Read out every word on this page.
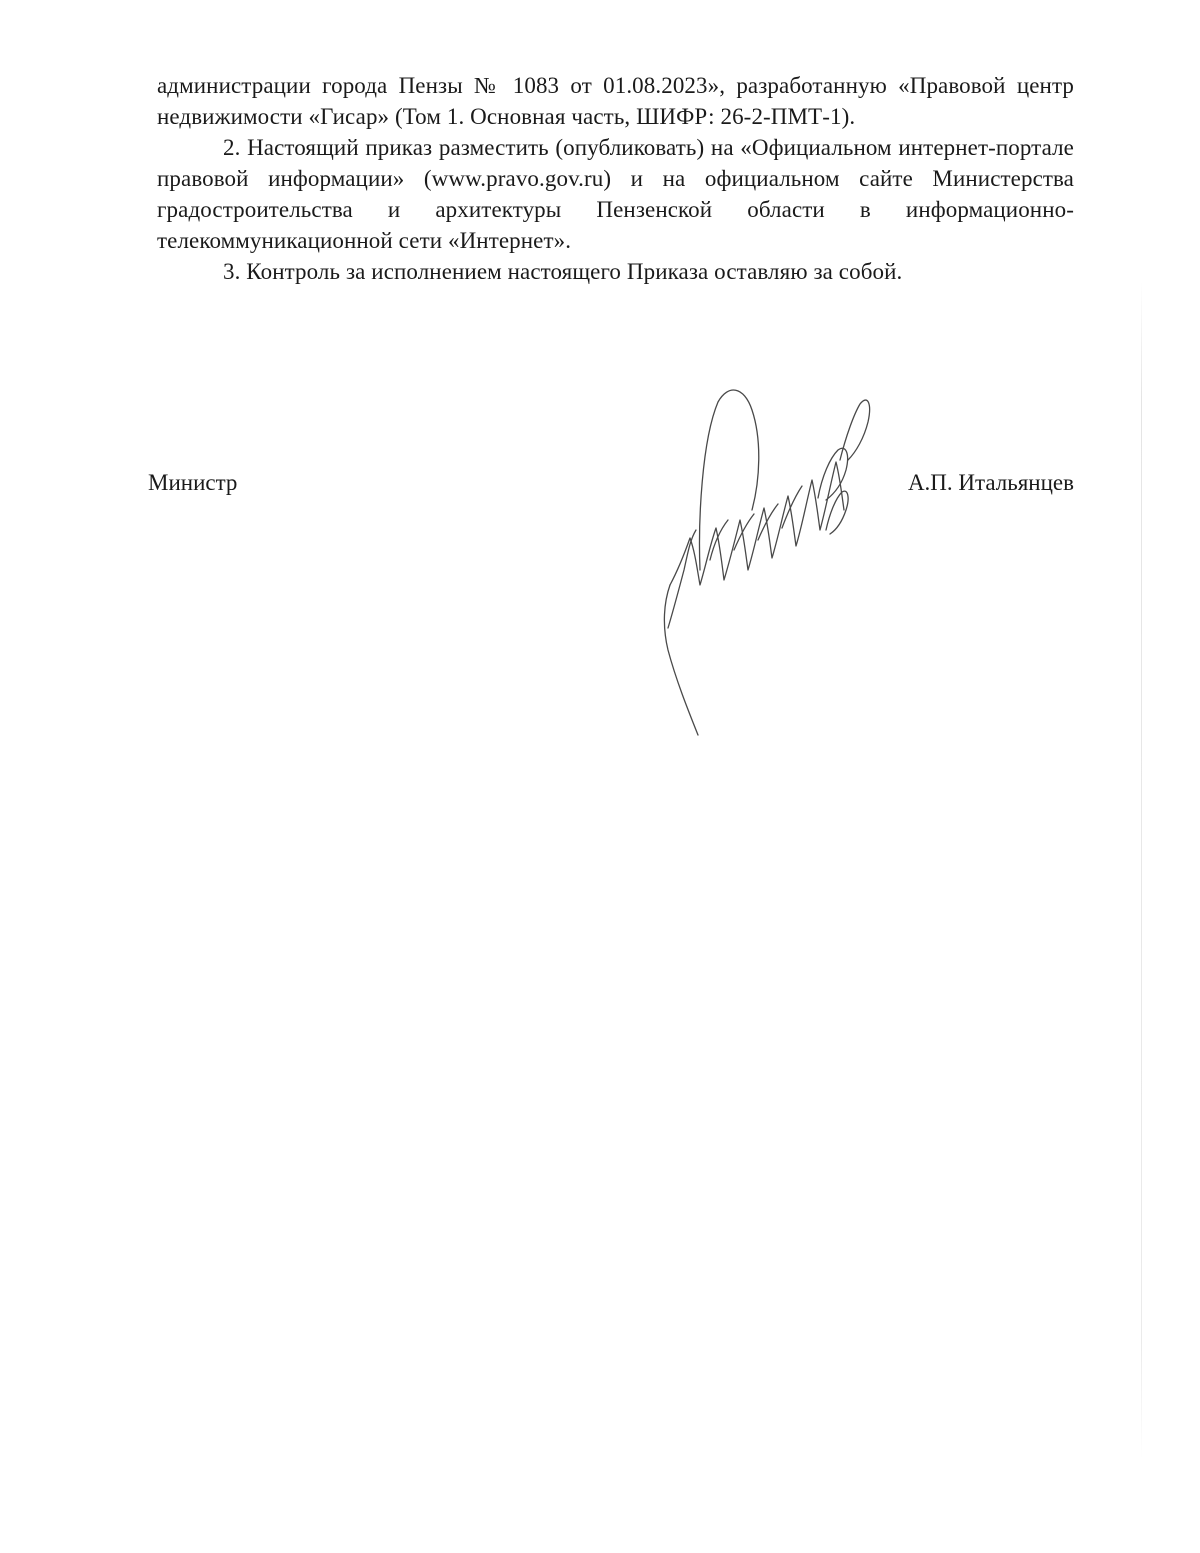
администрации города Пензы № 1083 от 01.08.2023», разработанную «Правовой центр недвижимости «Гисар» (Том 1. Основная часть, ШИФР: 26-2-ПМТ-1).

2. Настоящий приказ разместить (опубликовать) на «Официальном интернет-портале правовой информации» (www.pravo.gov.ru) и на официальном сайте Министерства градостроительства и архитектуры Пензенской области в информационно-телекоммуникационной сети «Интернет».

3. Контроль за исполнением настоящего Приказа оставляю за собой.

Министр	А.П. Итальянцев
